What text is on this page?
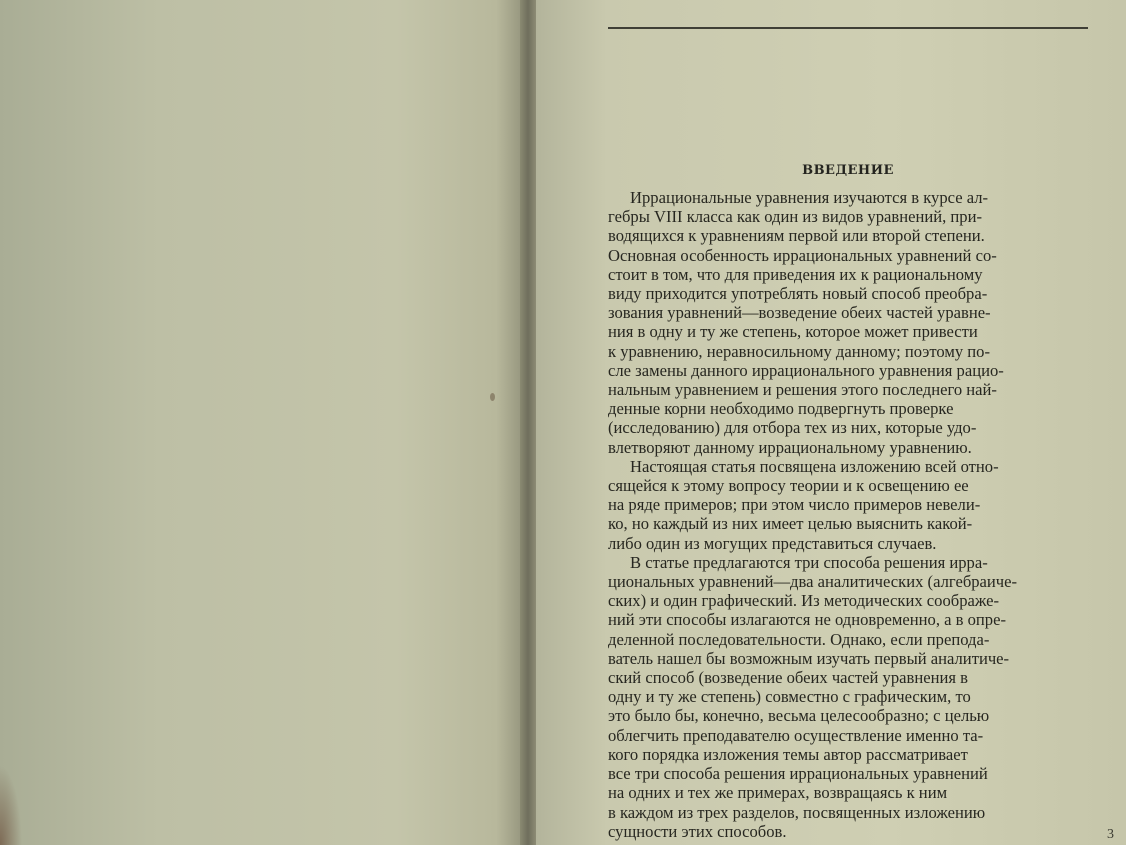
ВВЕДЕНИЕ

Иррациональные уравнения изучаются в курсе ал-
гебры VIII класса как один из видов уравнений, при-
водящихся к уравнениям первой или второй степени.
Основная особенность иррациональных уравнений со-
стоит в том, что для приведения их к рациональному
виду приходится употреблять новый способ преобра-
зования уравнений—возведение обеих частей уравне-
ния в одну и ту же степень, которое может привести
к уравнению, неравносильному данному; поэтому по-
сле замены данного иррационального уравнения рацио-
нальным уравнением и решения этого последнего най-
денные корни необходимо подвергнуть проверке
(исследованию) для отбора тех из них, которые удо-
влетворяют данному иррациональному уравнению.

Настоящая статья посвящена изложению всей отно-
сящейся к этому вопросу теории и к освещению ее
на ряде примеров; при этом число примеров невели-
ко, но каждый из них имеет целью выяснить какой-
либо один из могущих представиться случаев.

В статье предлагаются три способа решения ирра-
циональных уравнений—два аналитических (алгебраиче-
ских) и один графический. Из методических соображе-
ний эти способы излагаются не одновременно, а в опре-
деленной последовательности. Однако, если препода-
ватель нашел бы возможным изучать первый аналитиче-
ский способ (возведение обеих частей уравнения в
одну и ту же степень) совместно с графическим, то
это было бы, конечно, весьма целесообразно; с целью
облегчить преподавателю осуществление именно та-
кого порядка изложения темы автор рассматривает
все три способа решения иррациональных уравнений
на одних и тех же примерах, возвращаясь к ним
в каждом из трех разделов, посвященных изложению
сущности этих способов.	3
